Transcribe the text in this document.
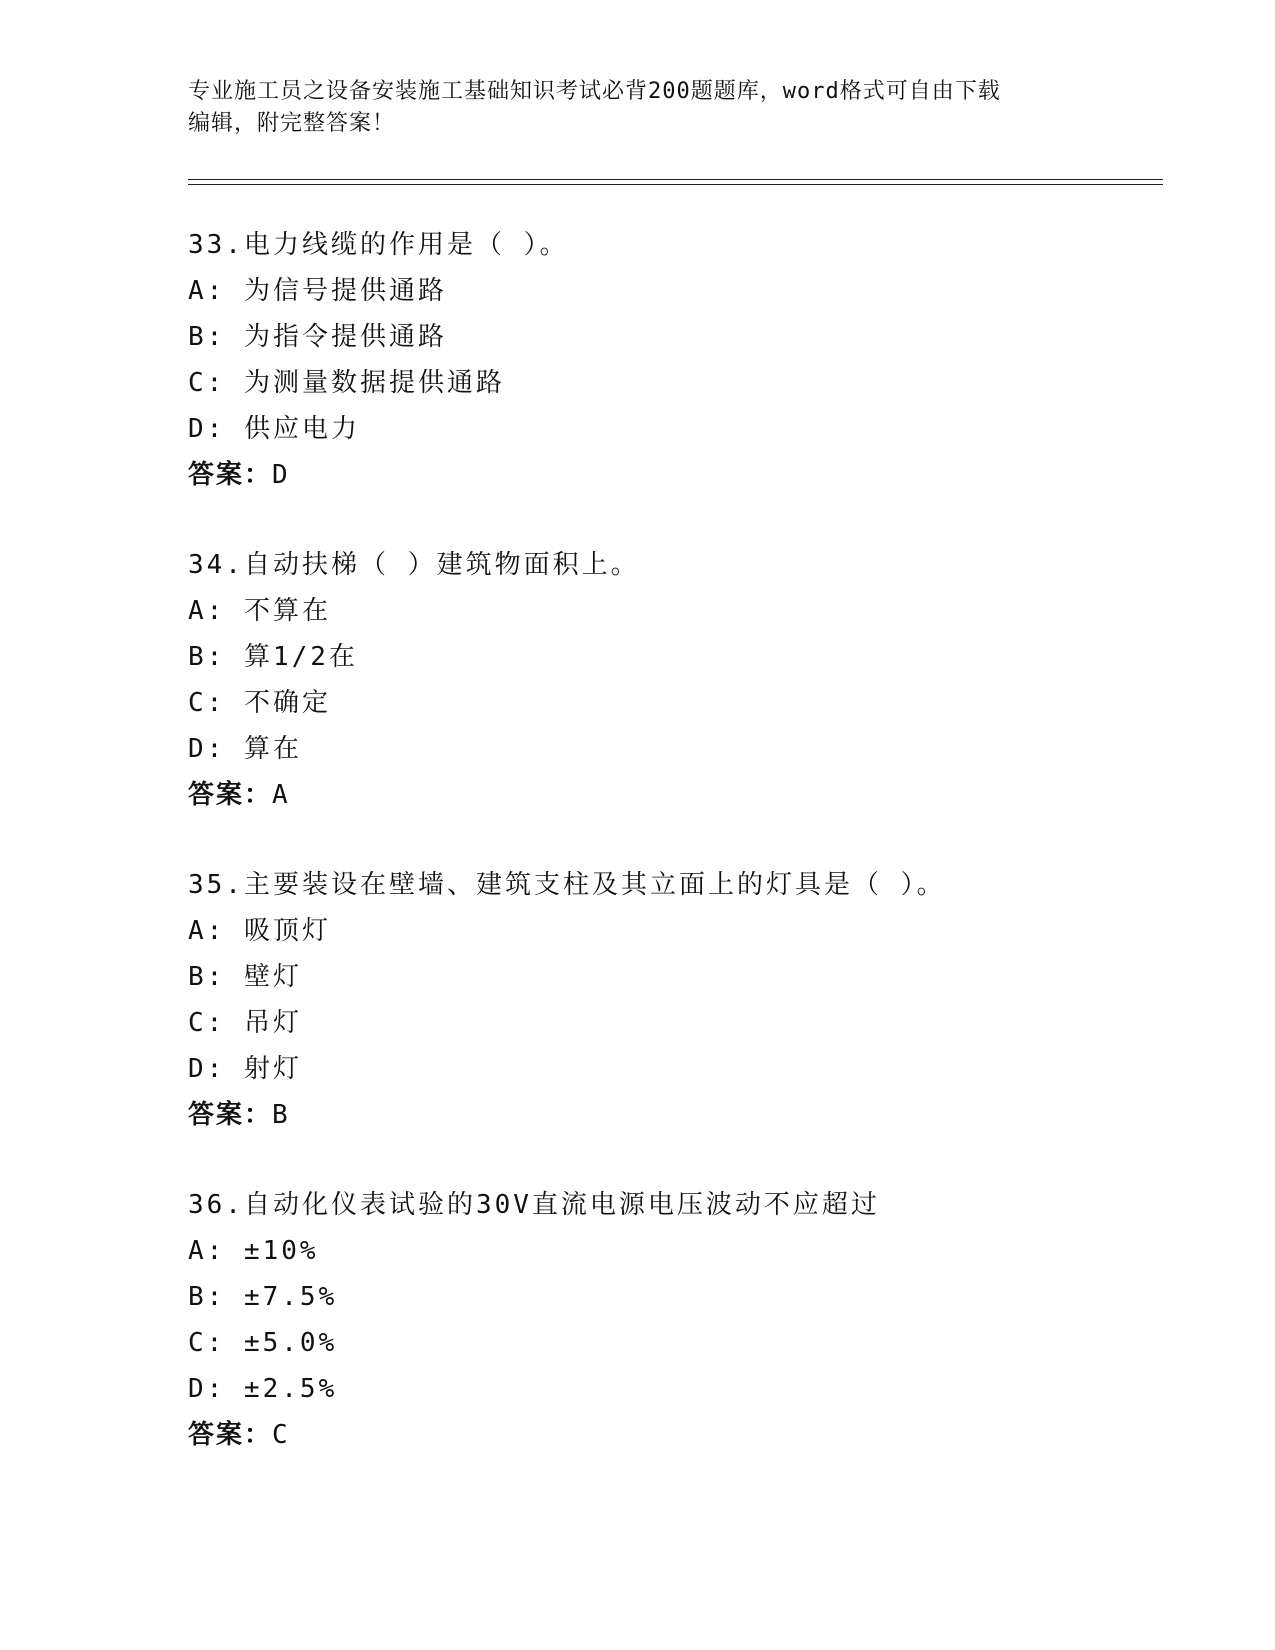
专业施工员之设备安装施工基础知识考试必背200题题库，word格式可自由下载
编辑，附完整答案！
33.电力线缆的作用是（ ）。
A: 为信号提供通路
B: 为指令提供通路
C: 为测量数据提供通路
D: 供应电力
答案：D
34.自动扶梯（ ）建筑物面积上。
A: 不算在
B: 算1/2在
C: 不确定
D: 算在
答案：A
35.主要装设在壁墙、建筑支柱及其立面上的灯具是（ ）。
A: 吸顶灯
B: 壁灯
C: 吊灯
D: 射灯
答案：B
36.自动化仪表试验的30V直流电源电压波动不应超过
A: ±10%
B: ±7.5%
C: ±5.0%
D: ±2.5%
答案：C
